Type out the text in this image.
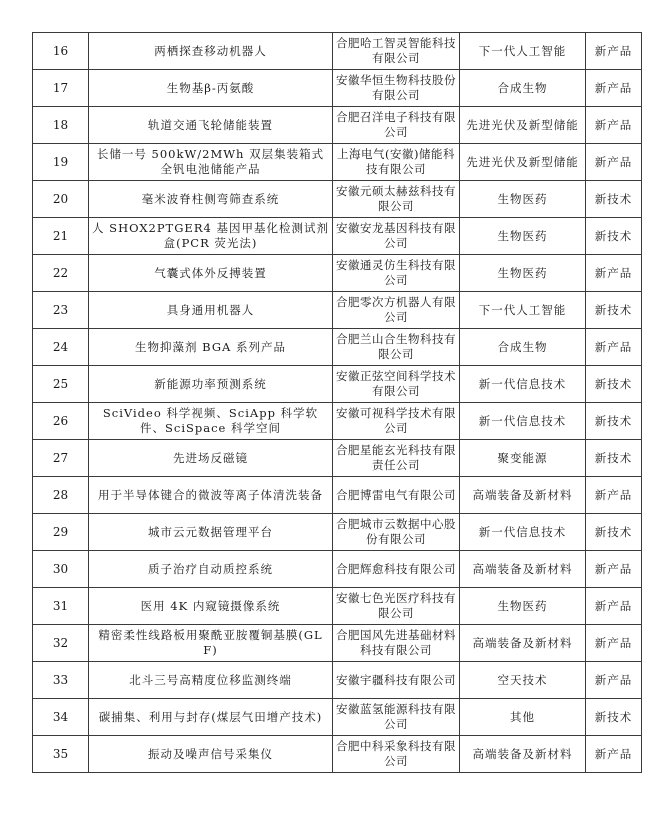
16	两栖探查移动机器人	合肥哈工智灵智能科技有限公司	下一代人工智能	新产品
17	生物基β-丙氨酸	安徽华恒生物科技股份有限公司	合成生物	新产品
18	轨道交通飞轮储能装置	合肥召洋电子科技有限公司	先进光伏及新型储能	新产品
19	长储一号 500kW/2MWh 双层集装箱式全钒电池储能产品	上海电气(安徽)储能科技有限公司	先进光伏及新型储能	新产品
20	毫米波脊柱侧弯筛查系统	安徽元硕太赫兹科技有限公司	生物医药	新技术
21	人 SHOX2PTGER4 基因甲基化检测试剂盒(PCR 荧光法)	安徽安龙基因科技有限公司	生物医药	新技术
22	气囊式体外反搏装置	安徽通灵仿生科技有限公司	生物医药	新产品
23	具身通用机器人	合肥零次方机器人有限公司	下一代人工智能	新技术
24	生物抑藻剂 BGA 系列产品	合肥兰山合生物科技有限公司	合成生物	新产品
25	新能源功率预测系统	安徽正弦空间科学技术有限公司	新一代信息技术	新技术
26	SciVideo 科学视频、SciApp 科学软件、SciSpace 科学空间	安徽可视科学技术有限公司	新一代信息技术	新技术
27	先进场反磁镜	合肥星能玄光科技有限责任公司	聚变能源	新技术
28	用于半导体键合的微波等离子体清洗装备	合肥博雷电气有限公司	高端装备及新材料	新产品
29	城市云元数据管理平台	合肥城市云数据中心股份有限公司	新一代信息技术	新技术
30	质子治疗自动质控系统	合肥辉愈科技有限公司	高端装备及新材料	新产品
31	医用 4K 内窥镜摄像系统	安徽七色光医疗科技有限公司	生物医药	新产品
32	精密柔性线路板用聚酰亚胺覆铜基膜(GLF)	合肥国风先进基础材料科技有限公司	高端装备及新材料	新产品
33	北斗三号高精度位移监测终端	安徽宇疆科技有限公司	空天技术	新产品
34	碳捕集、利用与封存(煤层气田增产技术)	安徽蓝氢能源科技有限公司	其他	新技术
35	振动及噪声信号采集仪	合肥中科采象科技有限公司	高端装备及新材料	新产品
